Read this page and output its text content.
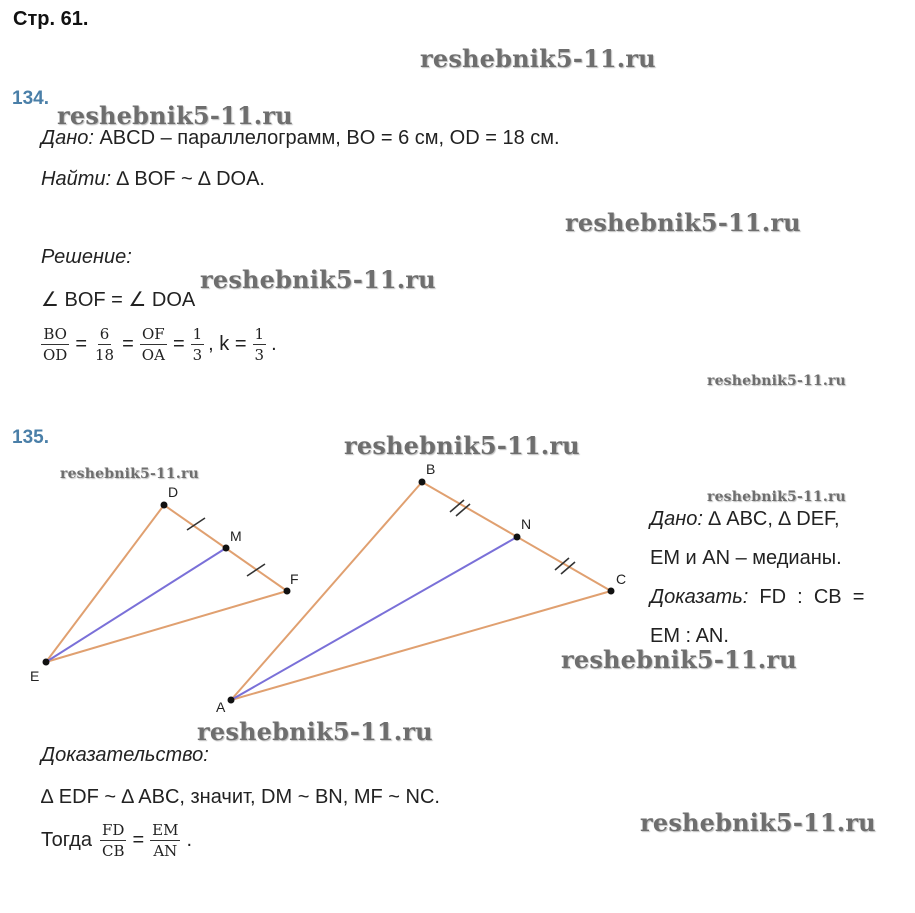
Стр. 61.
reshebnik5-11.ru
reshebnik5-11.ru
reshebnik5-11.ru
reshebnik5-11.ru
reshebnik5-11.ru
reshebnik5-11.ru
reshebnik5-11.ru
reshebnik5-11.ru
reshebnik5-11.ru
reshebnik5-11.ru
reshebnik5-11.ru
134.
Дано: ABCD – параллелограмм, BO = 6 см, OD = 18 см.
Найти: ∆ BOF ~ ∆ DOA.
Решение:
∠ BOF = ∠ DOA
$\frac{BO}{OD} = \frac{6}{18} = \frac{OF}{OA} = \frac{1}{3}$ , $k = \frac{1}{3}$ .
135.
D
M
F
E
B
N
C
A
Дано: ∆ ABC, ∆ DEF,
EM и AN – медианы.
Доказать:  FD  :  CB  =
EM : AN.
Доказательство:
∆ EDF ~ ∆ ABC, значит, DM ~ BN, MF ~ NC.
Тогда $\frac{FD}{CB} = \frac{EM}{AN}$ .
